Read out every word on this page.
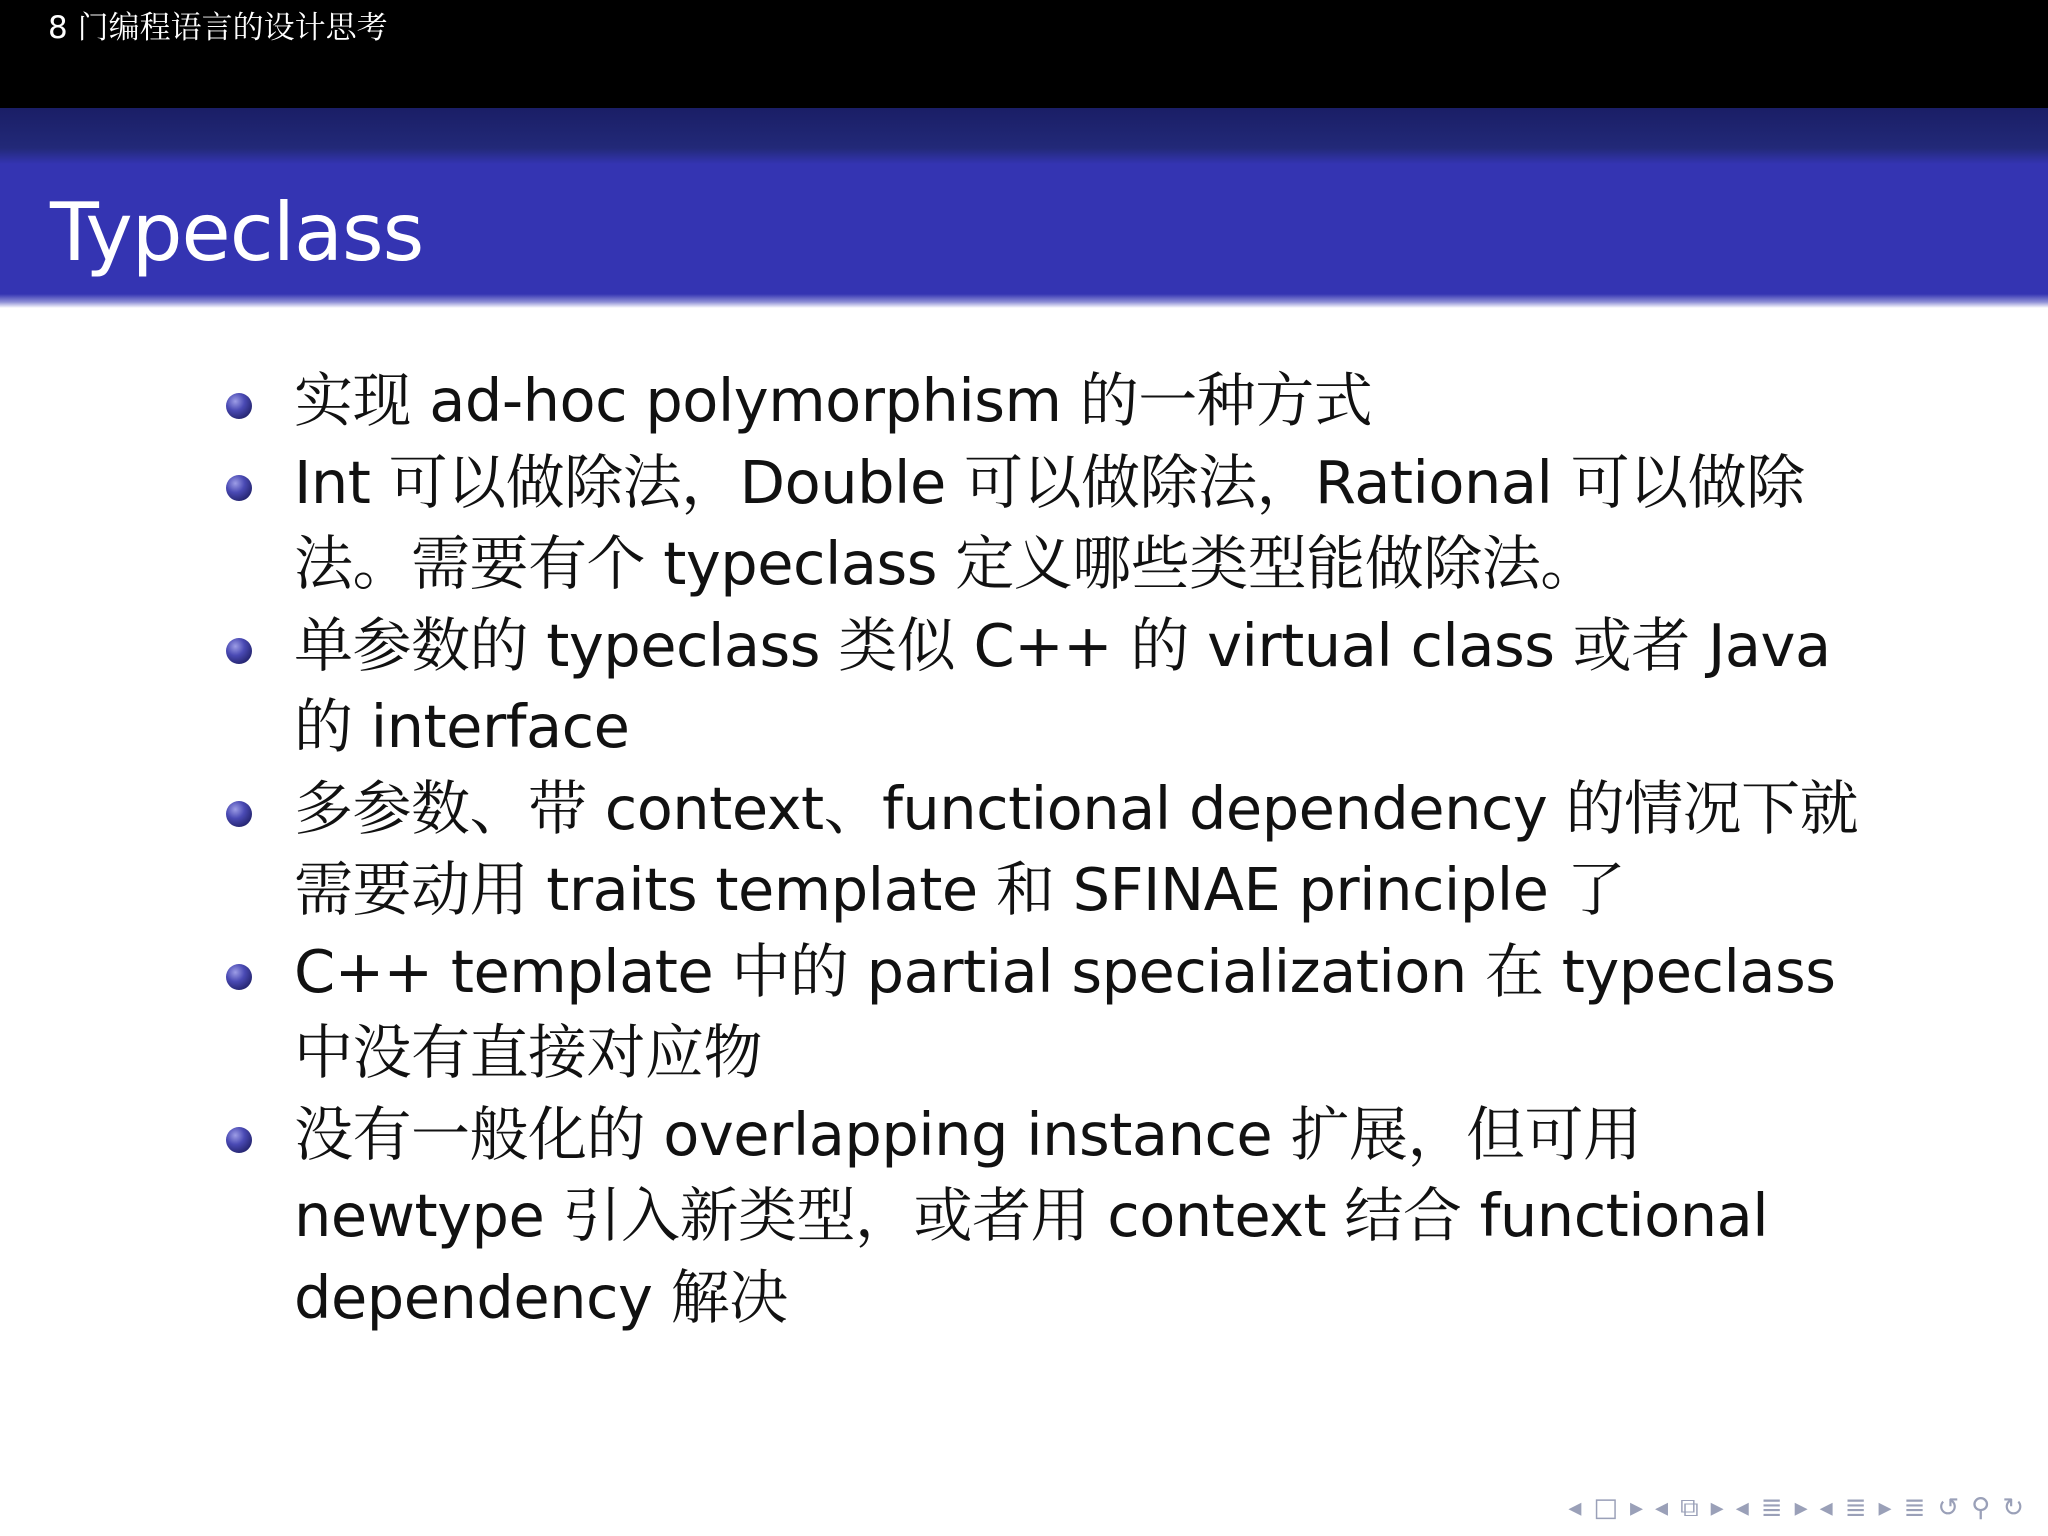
8 门编程语言的设计思考
Typeclass
实现 ad-hoc polymorphism 的一种方式
Int 可以做除法，Double 可以做除法，Rational 可以做除法。需要有个 typeclass 定义哪些类型能做除法。
单参数的 typeclass 类似 C++ 的 virtual class 或者 Java 的 interface
多参数、带 context、functional dependency 的情况下就需要动用 traits template 和 SFINAE principle 了
C++ template 中的 partial specialization 在 typeclass 中没有直接对应物
没有一般化的 overlapping instance 扩展，但可用 newtype 引入新类型，或者用 context 结合 functional dependency 解决
◂ □ ▸ ◂ ⧉ ▸ ◂ ≣ ▸ ◂ ≣ ▸ ≣ ↺ ⚲ ↻
